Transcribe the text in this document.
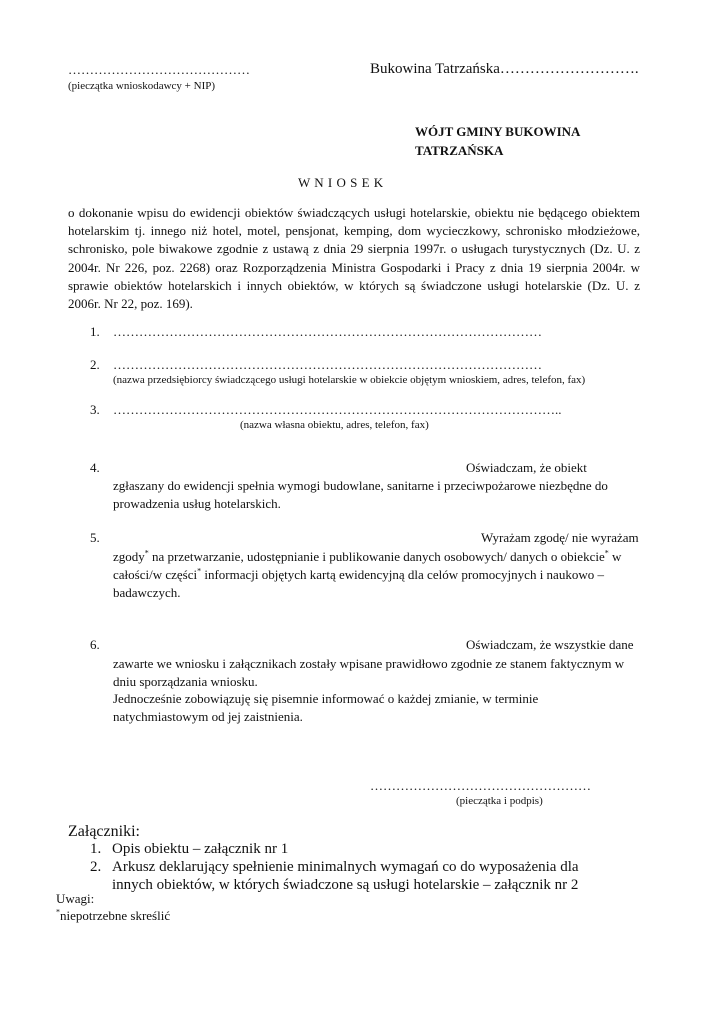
……………………………………	Bukowina Tatrzańska……………………….
(pieczątka wnioskodawcy + NIP)
WÓJT GMINY BUKOWINA
TATRZAŃSKA
W N I O S E K
o dokonanie wpisu do ewidencji obiektów świadczących usługi hotelarskie, obiektu nie będącego obiektem hotelarskim tj. innego niż hotel, motel, pensjonat, kemping, dom wycieczkowy, schronisko młodzieżowe, schronisko, pole biwakowe zgodnie z ustawą z dnia 29 sierpnia 1997r. o usługach turystycznych (Dz. U. z 2004r. Nr 226, poz. 2268) oraz Rozporządzenia Ministra Gospodarki i Pracy z dnia 19 sierpnia 2004r. w sprawie obiektów hotelarskich i innych obiektów, w których są świadczone usługi hotelarskie (Dz. U. z 2006r. Nr 22, poz. 169).
1. ………………………………………………………………………………………
2. ………………………………………………………………………………………
(nazwa przedsiębiorcy świadczącego usługi hotelarskie w obiekcie objętym wnioskiem, adres, telefon, fax)
3. …………………………………………………………………………………………..
(nazwa własna obiektu, adres, telefon, fax)
4.	Oświadczam, że obiekt
zgłaszany do ewidencji spełnia wymogi budowlane, sanitarne i przeciwpożarowe niezbędne do prowadzenia usług hotelarskich.
5.	Wyrażam zgodę/ nie wyrażam
zgody* na przetwarzanie, udostępnianie i publikowanie danych osobowych/ danych o obiekcie* w całości/w części* informacji objętych kartą ewidencyjną dla celów promocyjnych i naukowo – badawczych.
6.	Oświadczam, że wszystkie dane
zawarte we wniosku i załącznikach zostały wpisane prawidłowo zgodnie ze stanem faktycznym w dniu sporządzania wniosku.
Jednocześnie zobowiązuję się pisemnie informować o każdej zmianie, w terminie natychmiastowym od jej zaistnienia.
……………………………………………
(pieczątka i podpis)
Załączniki:
1. Opis obiektu – załącznik nr 1
2. Arkusz deklarujący spełnienie minimalnych wymagań co do wyposażenia dla innych obiektów, w których świadczone są usługi hotelarskie – załącznik nr 2
Uwagi:
*niepotrzebne skreślić
